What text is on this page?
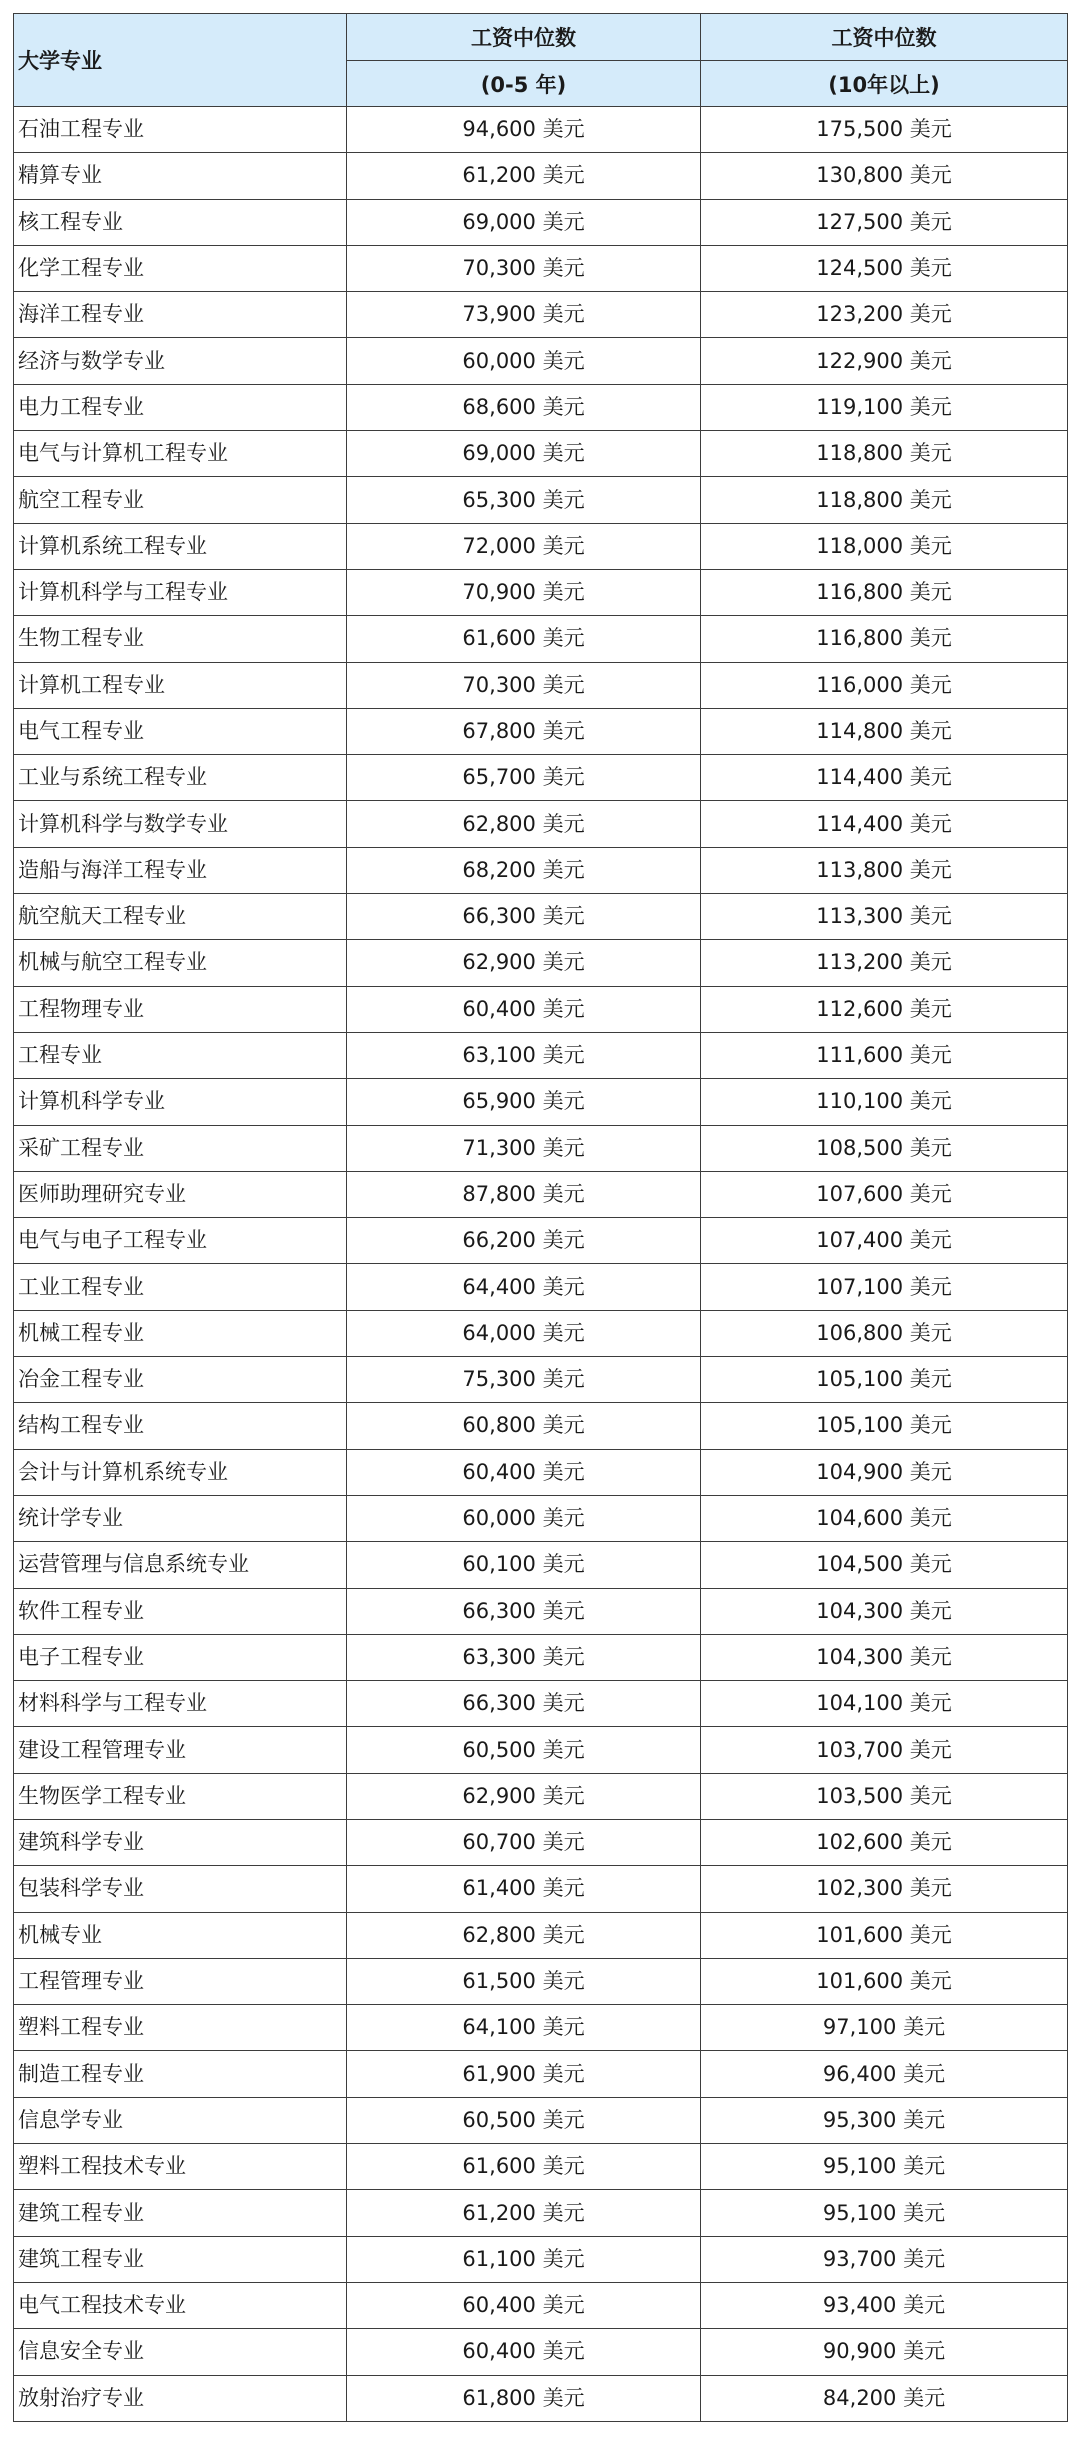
大学专业	工资中位数	工资中位数
	(0-5 年)	(10年以上)
石油工程专业	94,600 美元	175,500 美元
精算专业	61,200 美元	130,800 美元
核工程专业	69,000 美元	127,500 美元
化学工程专业	70,300 美元	124,500 美元
海洋工程专业	73,900 美元	123,200 美元
经济与数学专业	60,000 美元	122,900 美元
电力工程专业	68,600 美元	119,100 美元
电气与计算机工程专业	69,000 美元	118,800 美元
航空工程专业	65,300 美元	118,800 美元
计算机系统工程专业	72,000 美元	118,000 美元
计算机科学与工程专业	70,900 美元	116,800 美元
生物工程专业	61,600 美元	116,800 美元
计算机工程专业	70,300 美元	116,000 美元
电气工程专业	67,800 美元	114,800 美元
工业与系统工程专业	65,700 美元	114,400 美元
计算机科学与数学专业	62,800 美元	114,400 美元
造船与海洋工程专业	68,200 美元	113,800 美元
航空航天工程专业	66,300 美元	113,300 美元
机械与航空工程专业	62,900 美元	113,200 美元
工程物理专业	60,400 美元	112,600 美元
工程专业	63,100 美元	111,600 美元
计算机科学专业	65,900 美元	110,100 美元
采矿工程专业	71,300 美元	108,500 美元
医师助理研究专业	87,800 美元	107,600 美元
电气与电子工程专业	66,200 美元	107,400 美元
工业工程专业	64,400 美元	107,100 美元
机械工程专业	64,000 美元	106,800 美元
冶金工程专业	75,300 美元	105,100 美元
结构工程专业	60,800 美元	105,100 美元
会计与计算机系统专业	60,400 美元	104,900 美元
统计学专业	60,000 美元	104,600 美元
运营管理与信息系统专业	60,100 美元	104,500 美元
软件工程专业	66,300 美元	104,300 美元
电子工程专业	63,300 美元	104,300 美元
材料科学与工程专业	66,300 美元	104,100 美元
建设工程管理专业	60,500 美元	103,700 美元
生物医学工程专业	62,900 美元	103,500 美元
建筑科学专业	60,700 美元	102,600 美元
包装科学专业	61,400 美元	102,300 美元
机械专业	62,800 美元	101,600 美元
工程管理专业	61,500 美元	101,600 美元
塑料工程专业	64,100 美元	97,100 美元
制造工程专业	61,900 美元	96,400 美元
信息学专业	60,500 美元	95,300 美元
塑料工程技术专业	61,600 美元	95,100 美元
建筑工程专业	61,200 美元	95,100 美元
建筑工程专业	61,100 美元	93,700 美元
电气工程技术专业	60,400 美元	93,400 美元
信息安全专业	60,400 美元	90,900 美元
放射治疗专业	61,800 美元	84,200 美元
